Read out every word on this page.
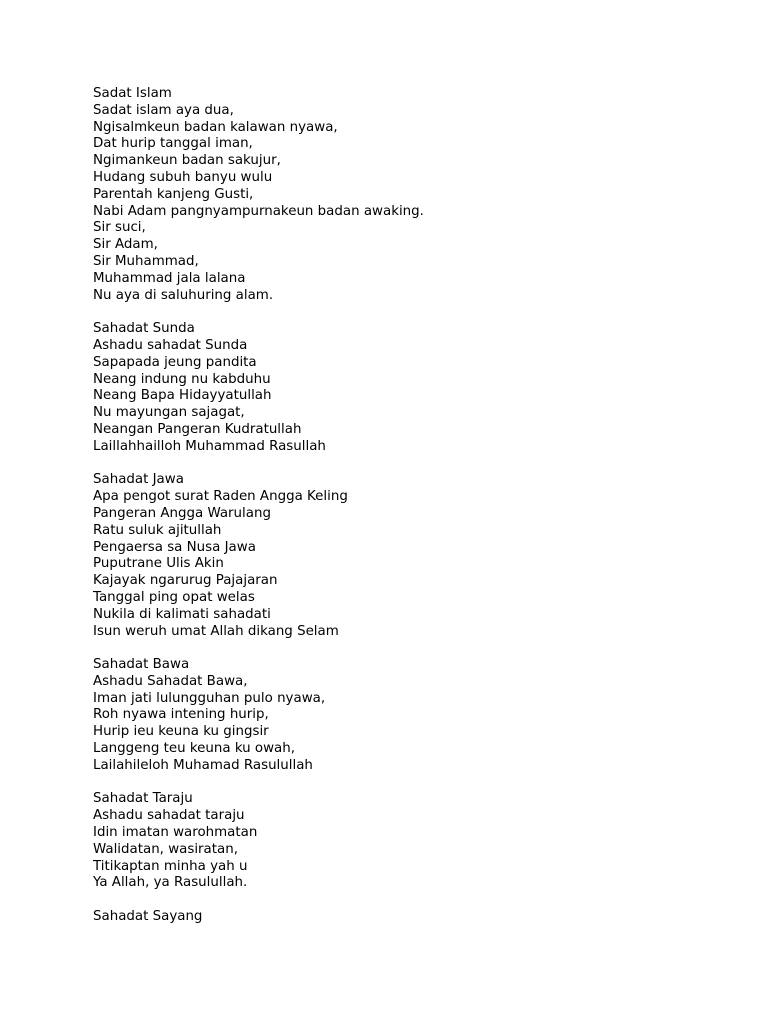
Sadat Islam
Sadat islam aya dua,
Ngisalmkeun badan kalawan nyawa,
Dat hurip tanggal iman,
Ngimankeun badan sakujur,
Hudang subuh banyu wulu
Parentah kanjeng Gusti,
Nabi Adam pangnyampurnakeun badan awaking.
Sir suci,
Sir Adam,
Sir Muhammad,
Muhammad jala lalana
Nu aya di saluhuring alam.
Sahadat Sunda
Ashadu sahadat Sunda
Sapapada jeung pandita
Neang indung nu kabduhu
Neang Bapa Hidayyatullah
Nu mayungan sajagat,
Neangan Pangeran Kudratullah
Laillahhailloh Muhammad Rasullah
Sahadat Jawa
Apa pengot surat Raden Angga Keling
Pangeran Angga Warulang
Ratu suluk ajitullah
Pengaersa sa Nusa Jawa
Puputrane Ulis Akin
Kajayak ngarurug Pajajaran
Tanggal ping opat welas
Nukila di kalimati sahadati
Isun weruh umat Allah dikang Selam
Sahadat Bawa
Ashadu Sahadat Bawa,
Iman jati lulungguhan pulo nyawa,
Roh nyawa intening hurip,
Hurip ieu keuna ku gingsir
Langgeng teu keuna ku owah,
Lailahileloh Muhamad Rasulullah
Sahadat Taraju
Ashadu sahadat taraju
Idin imatan warohmatan
Walidatan, wasiratan,
Titikaptan minha yah u
Ya Allah, ya Rasulullah.
Sahadat Sayang
